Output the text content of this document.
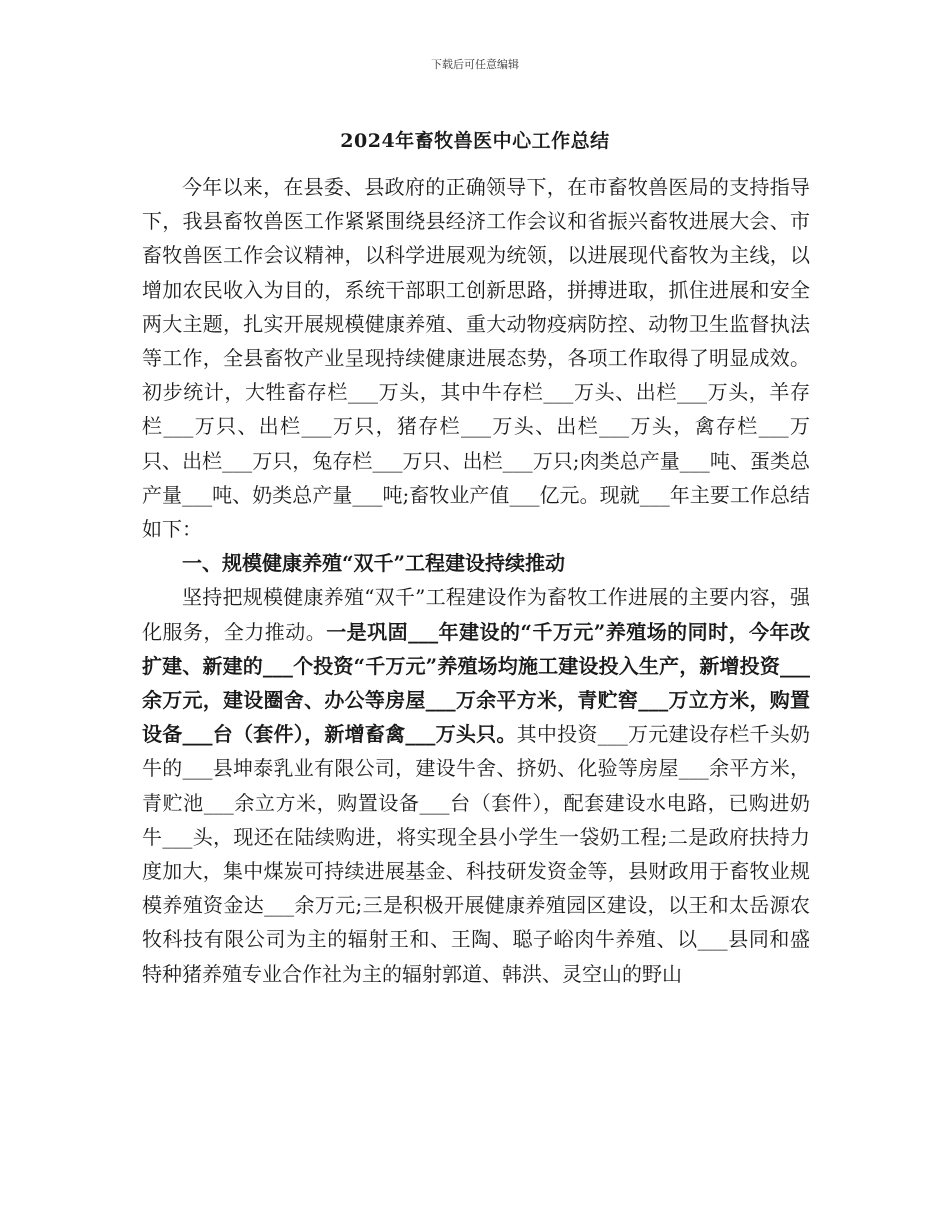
下载后可任意编辑
2024年畜牧兽医中心工作总结

今年以来，在县委、县政府的正确领导下，在市畜牧兽医局的支持指导下，我县畜牧兽医工作紧紧围绕县经济工作会议和省振兴畜牧进展大会、市畜牧兽医工作会议精神，以科学进展观为统领，以进展现代畜牧为主线，以增加农民收入为目的，系统干部职工创新思路，拼搏进取，抓住进展和安全两大主题，扎实开展规模健康养殖、重大动物疫病防控、动物卫生监督执法等工作，全县畜牧产业呈现持续健康进展态势，各项工作取得了明显成效。初步统计，大牲畜存栏___万头，其中牛存栏___万头、出栏___万头，羊存栏___万只、出栏___万只，猪存栏___万头、出栏___万头，禽存栏___万只、出栏___万只，兔存栏___万只、出栏___万只;肉类总产量___吨、蛋类总产量___吨、奶类总产量___吨;畜牧业产值___亿元。现就___年主要工作总结如下：

一、规模健康养殖“双千”工程建设持续推动

坚持把规模健康养殖“双千”工程建设作为畜牧工作进展的主要内容，强化服务，全力推动。一是巩固___年建设的“千万元”养殖场的同时，今年改扩建、新建的___个投资“千万元”养殖场均施工建设投入生产，新增投资___余万元，建设圈舍、办公等房屋___万余平方米，青贮窖___万立方米，购置设备___台（套件），新增畜禽___万头只。其中投资___万元建设存栏千头奶牛的___县坤泰乳业有限公司，建设牛舍、挤奶、化验等房屋___余平方米，青贮池___余立方米，购置设备___台（套件），配套建设水电路，已购进奶牛___头，现还在陆续购进，将实现全县小学生一袋奶工程;二是政府扶持力度加大，集中煤炭可持续进展基金、科技研发资金等，县财政用于畜牧业规模养殖资金达___余万元;三是积极开展健康养殖园区建设，以王和太岳源农牧科技有限公司为主的辐射王和、王陶、聪子峪肉牛养殖、以___县同和盛特种猪养殖专业合作社为主的辐射郭道、韩洪、灵空山的野山
